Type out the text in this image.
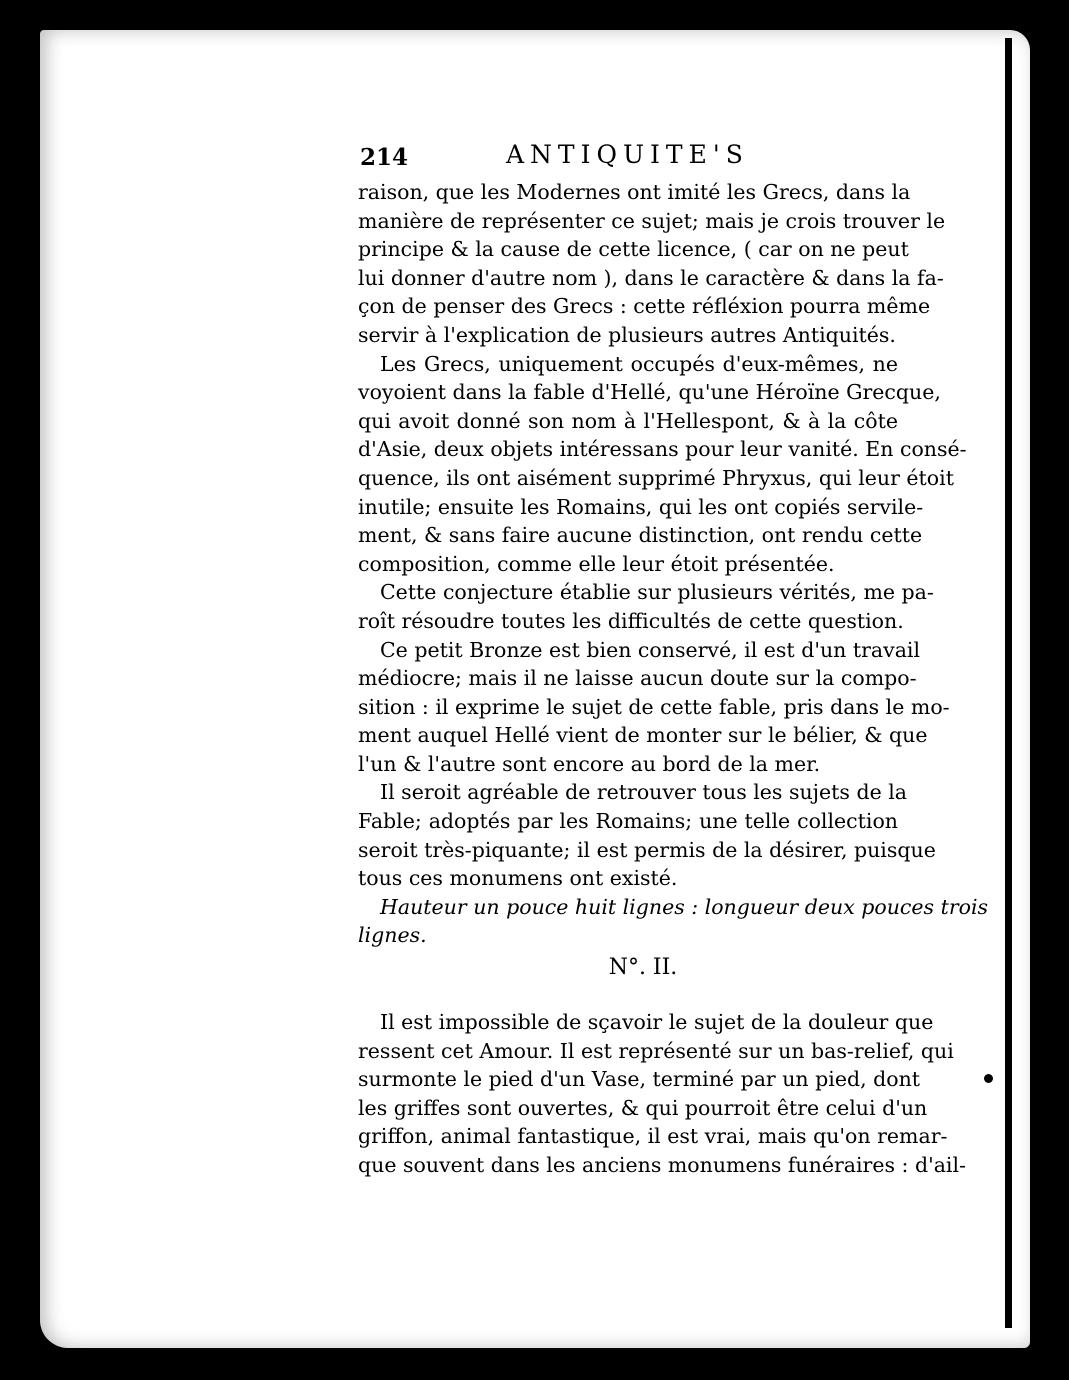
214	ANTIQUITE'S
raison, que les Modernes ont imité les Grecs, dans la
manière de représenter ce sujet; mais je crois trouver le
principe & la cause de cette licence, ( car on ne peut
lui donner d'autre nom ), dans le caractère & dans la fa-
çon de penser des Grecs : cette réfléxion pourra même
servir à l'explication de plusieurs autres Antiquités.
Les Grecs, uniquement occupés d'eux-mêmes, ne
voyoient dans la fable d'Hellé, qu'une Héroïne Grecque,
qui avoit donné son nom à l'Hellespont, & à la côte
d'Asie, deux objets intéressans pour leur vanité. En consé-
quence, ils ont aisément supprimé Phryxus, qui leur étoit
inutile; ensuite les Romains, qui les ont copiés servile-
ment, & sans faire aucune distinction, ont rendu cette
composition, comme elle leur étoit présentée.
Cette conjecture établie sur plusieurs vérités, me pa-
roît résoudre toutes les difficultés de cette question.
Ce petit Bronze est bien conservé, il est d'un travail
médiocre; mais il ne laisse aucun doute sur la compo-
sition : il exprime le sujet de cette fable, pris dans le mo-
ment auquel Hellé vient de monter sur le bélier, & que
l'un & l'autre sont encore au bord de la mer.
Il seroit agréable de retrouver tous les sujets de la
Fable; adoptés par les Romains; une telle collection
seroit très-piquante; il est permis de la désirer, puisque
tous ces monumens ont existé.
Hauteur un pouce huit lignes : longueur deux pouces trois
lignes.
N°. II.
Il est impossible de sçavoir le sujet de la douleur que
ressent cet Amour. Il est représenté sur un bas-relief, qui
surmonte le pied d'un Vase, terminé par un pied, dont
les griffes sont ouvertes, & qui pourroit être celui d'un
griffon, animal fantastique, il est vrai, mais qu'on remar-
que souvent dans les anciens monumens funéraires : d'ail-
